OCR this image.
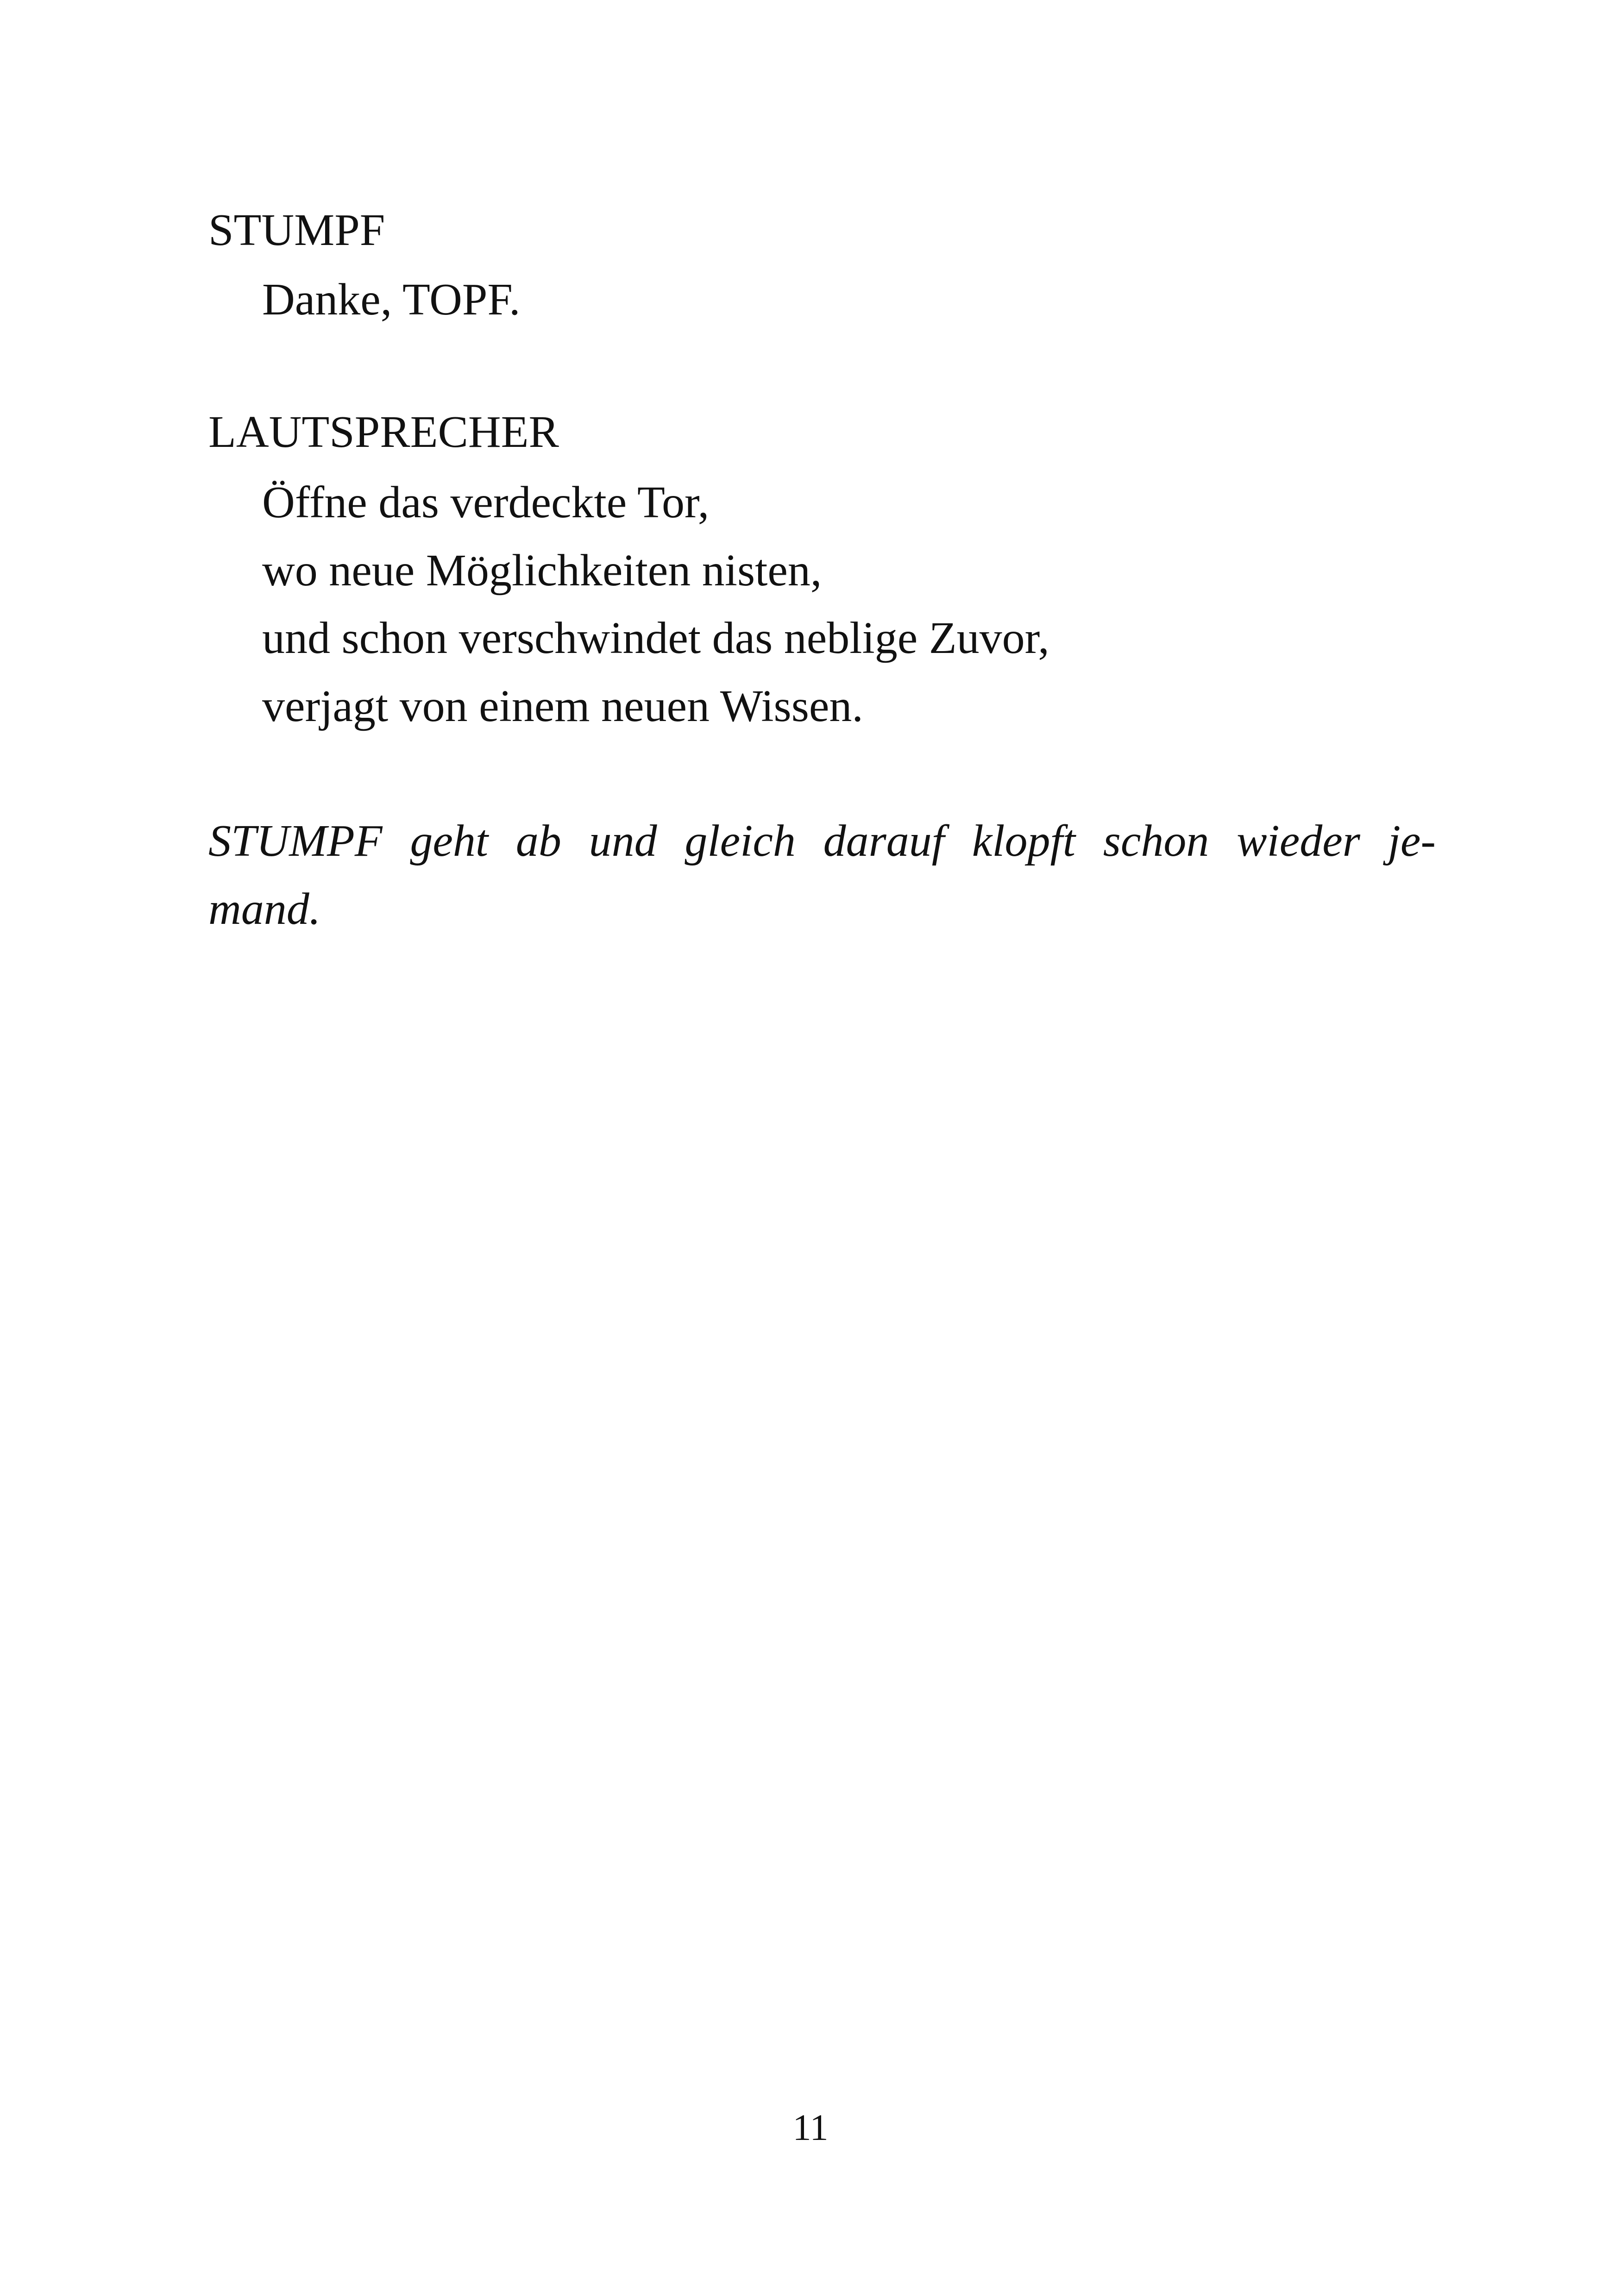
STUMPF
Danke, TOPF.
LAUTSPRECHER
Öffne das verdeckte Tor,
wo neue Möglichkeiten nisten,
und schon verschwindet das neblige Zuvor,
verjagt von einem neuen Wissen.
STUMPF geht ab und gleich darauf klopft schon wieder je-
mand.
11
